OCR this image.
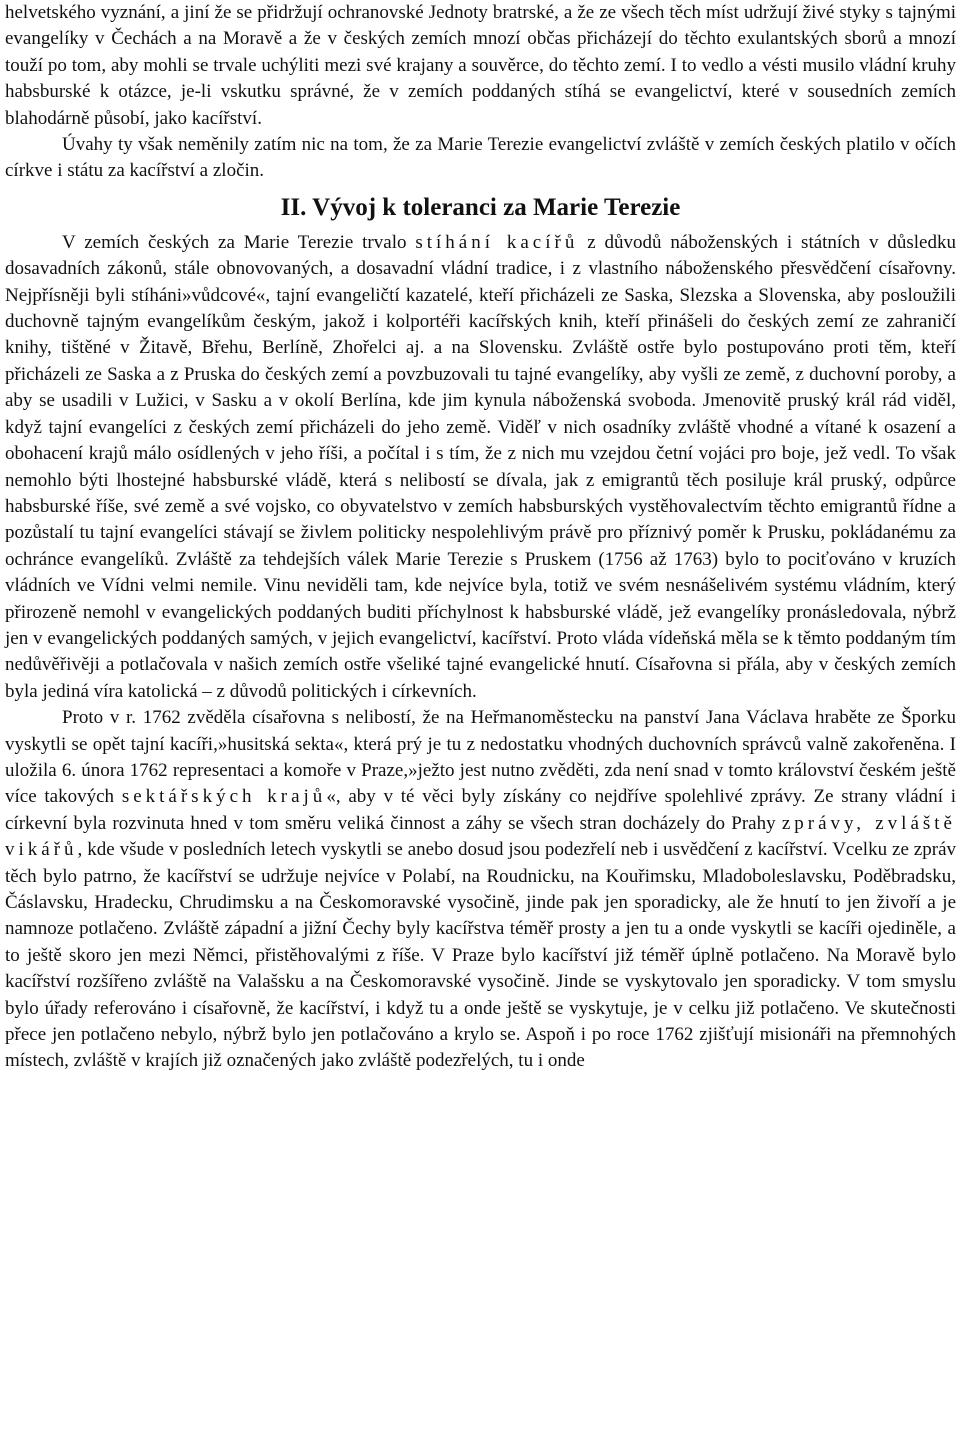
helvetského vyznání, a jiní že se přidržují ochranovské Jednoty bratrské, a že ze všech těch míst udržují živé styky s tajnými evangelíky v Čechách a na Moravě a že v českých zemích mnozí občas přicházejí do těchto exulantských sborů a mnozí touží po tom, aby mohli se trvale uchýliti mezi své krajany a souvěrce, do těchto zemí. I to vedlo a vésti musilo vládní kruhy habsburské k otázce, je-li vskutku správné, že v zemích poddaných stíhá se evangelictví, které v sousedních zemích blahodárně působí, jako kacířství.

Úvahy ty však neměnily zatím nic na tom, že za Marie Terezie evangelictví zvláště v zemích českých platilo v očích církve i státu za kacířství a zločin.

II. Vývoj k toleranci za Marie Terezie

V zemích českých za Marie Terezie trvalo stíhání kacířů z důvodů náboženských i státních v důsledku dosavadních zákonů, stále obnovovaných, a dosavadní vládní tradice, i z vlastního náboženského přesvědčení císařovny. Nejpřísněji byli stíháni»vůdcové«, tajní evangeličtí kazatelé, kteří přicházeli ze Saska, Slezska a Slovenska, aby posloužili duchovně tajným evangelíkům českým, jakož i kolportéři kacířských knih, kteří přinášeli do českých zemí ze zahraničí knihy, tištěné v Žitavě, Břehu, Berlíně, Zhořelci aj. a na Slovensku. Zvláště ostře bylo postupováno proti těm, kteří přicházeli ze Saska a z Pruska do českých zemí a povzbuzovali tu tajné evangelíky, aby vyšli ze země, z duchovní poroby, a aby se usadili v Lužici, v Sasku a v okolí Berlína, kde jim kynula náboženská svoboda. Jmenovitě pruský král rád viděl, když tajní evangelíci z českých zemí přicházeli do jeho země. Viděľ v nich osadníky zvláště vhodné a vítané k osazení a obohacení krajů málo osídlených v jeho říši, a počítal i s tím, že z nich mu vzejdou četní vojáci pro boje, jež vedl. To však nemohlo býti lhostejné habsburské vládě, která s nelibostí se dívala, jak z emigrantů těch posiluje král pruský, odpůrce habsburské říše, své země a své vojsko, co obyvatelstvo v zemích habsburských vystěhovalectvím těchto emigrantů řídne a pozůstalí tu tajní evangelíci stávají se živlem politicky nespolehlivým právě pro příznivý poměr k Prusku, pokládanému za ochránce evangelíků. Zvláště za tehdejších válek Marie Terezie s Pruskem (1756 až 1763) bylo to pociťováno v kruzích vládních ve Vídni velmi nemile. Vinu neviděli tam, kde nejvíce byla, totiž ve svém nesnášelivém systému vládním, který přirozeně nemohl v evangelických poddaných buditi příchylnost k habsburské vládě, jež evangelíky pronásledovala, nýbrž jen v evangelických poddaných samých, v jejich evangelictví, kacířství. Proto vláda vídeňská měla se k těmto poddaným tím nedůvěřivěji a potlačovala v našich zemích ostře všeliké tajné evangelické hnutí. Císařovna si přála, aby v českých zemích byla jediná víra katolická – z důvodů politických i církevních.

Proto v r. 1762 zvěděla císařovna s nelibostí, že na Heřmanoměstecku na panství Jana Václava hraběte ze Šporku vyskytli se opět tajní kacíři,»husitská sekta«, která prý je tu z nedostatku vhodných duchovních správců valně zakořeněna. I uložila 6. února 1762 representaci a komoře v Praze,»ježto jest nutno zvěděti, zda není snad v tomto království českém ještě více takových sektářských krajů«, aby v té věci byly získány co nejdříve spolehlivé zprávy. Ze strany vládní i církevní byla rozvinuta hned v tom směru veliká činnost a záhy se všech stran docházely do Prahy zprávy, zvláště vikářů, kde všude v posledních letech vyskytli se anebo dosud jsou podezřelí neb i usvědčení z kacířství. Vcelku ze zpráv těch bylo patrno, že kacířství se udržuje nejvíce v Polabí, na Roudnicku, na Kouřimsku, Mladoboleslavsku, Poděbradsku, Čáslavsku, Hradecku, Chrudimsku a na Českomoravské vysočině, jinde pak jen sporadicky, ale že hnutí to jen živoří a je namnoze potlačeno. Zvláště západní a jižní Čechy byly kacířstva téměř prosty a jen tu a onde vyskytli se kacíři ojediněle, a to ještě skoro jen mezi Němci, přistěhovalými z říše. V Praze bylo kacířství již téměř úplně potlačeno. Na Moravě bylo kacířství rozšířeno zvláště na Valašsku a na Českomoravské vysočině. Jinde se vyskytovalo jen sporadicky. V tom smyslu bylo úřady referováno i císařovně, že kacířství, i když tu a onde ještě se vyskytuje, je v celku již potlačeno. Ve skutečnosti přece jen potlačeno nebylo, nýbrž bylo jen potlačováno a krylo se. Aspoň i po roce 1762 zjišťují misionáři na přemnohých místech, zvláště v krajích již označených jako zvláště podezřelých, tu i onde
